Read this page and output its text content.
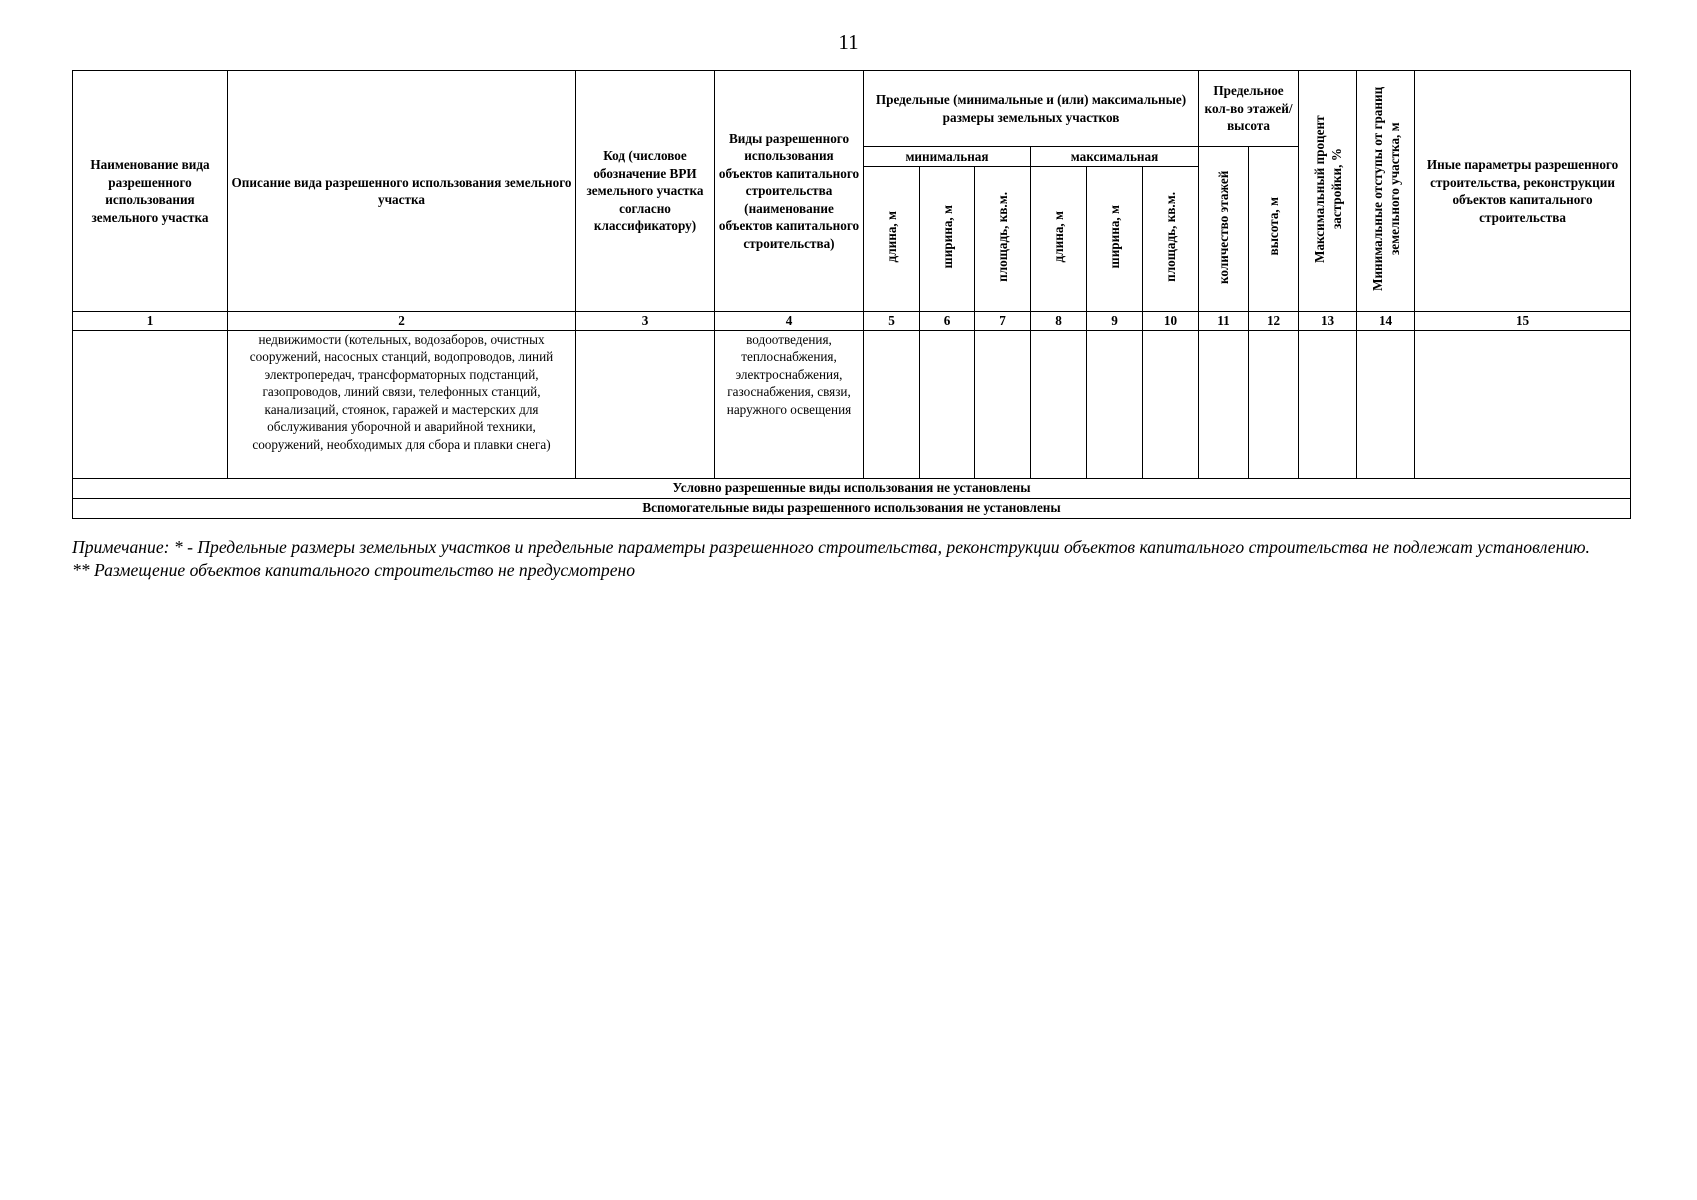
11
Наименование вида разрешенного использования земельного участка	Описание вида разрешенного использования земельного участка	Код (числовое обозначение ВРИ земельного участка согласно классификатору)	Виды разрешенного использования объектов капитального строительства (наименование объектов капитального строительства)	Предельные (минимальные и (или) максимальные) размеры земельных участков						Предельное кол-во этажей/ высота		Максимальный процент застройки, %	Минимальные отступы от границ земельного участка, м	Иные параметры разрешенного строительства, реконструкции объектов капитального строительства
				минимальная			максимальная			количество этажей	высота, м			
				длина, м	ширина, м	площадь, кв.м.	длина, м	ширина, м	площадь, кв.м.					
1	2	3	4	5	6	7	8	9	10	11	12	13	14	15
	недвижимости (котельных, водозаборов, очистных сооружений, насосных станций, водопроводов, линий электропередач, трансформаторных подстанций, газопроводов, линий связи, телефонных станций, канализаций, стоянок, гаражей и мастерских для обслуживания уборочной и аварийной техники, сооружений, необходимых для сбора и плавки снега)		водоотведения, теплоснабжения, электроснабжения, газоснабжения, связи, наружного освещения											
Условно разрешенные виды использования не установлены														
Вспомогательные виды разрешенного использования не установлены														
Примечание: * - Предельные размеры земельных участков и предельные параметры разрешенного строительства, реконструкции объектов капитального строительства не подлежат установлению.
** Размещение объектов капитального строительство не предусмотрено
